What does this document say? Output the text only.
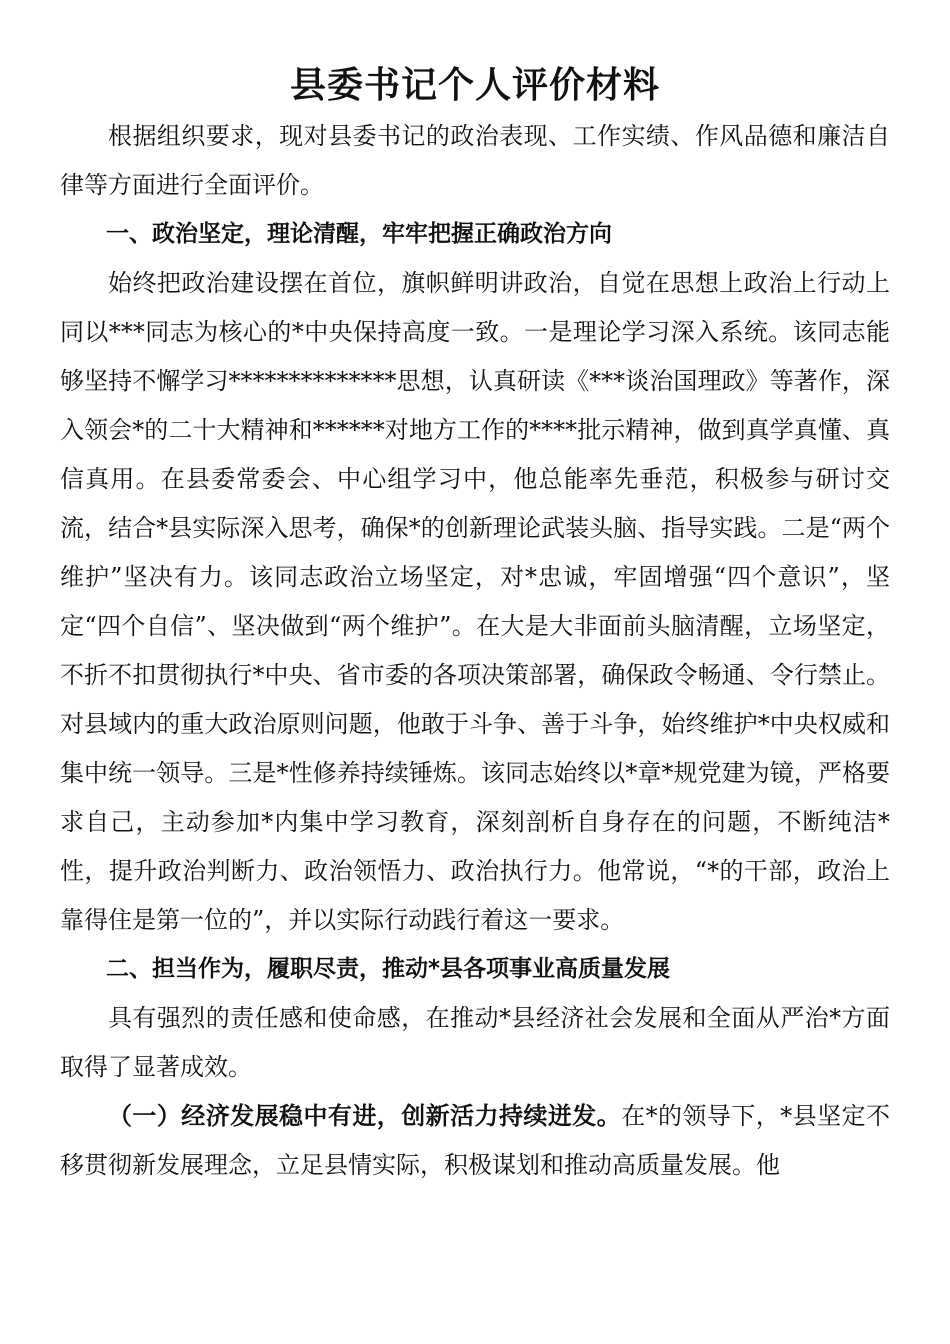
县委书记个人评价材料

根据组织要求，现对县委书记的政治表现、工作实绩、作风品德和廉洁自律等方面进行全面评价。

一、政治坚定，理论清醒，牢牢把握正确政治方向

始终把政治建设摆在首位，旗帜鲜明讲政治，自觉在思想上政治上行动上同以***同志为核心的*中央保持高度一致。一是理论学习深入系统。该同志能够坚持不懈学习**************思想，认真研读《***谈治国理政》等著作，深入领会*的二十大精神和******对地方工作的****批示精神，做到真学真懂、真信真用。在县委常委会、中心组学习中，他总能率先垂范，积极参与研讨交流，结合*县实际深入思考，确保*的创新理论武装头脑、指导实践。二是“两个维护”坚决有力。该同志政治立场坚定，对*忠诚，牢固增强“四个意识”，坚定“四个自信”、坚决做到“两个维护”。在大是大非面前头脑清醒，立场坚定，不折不扣贯彻执行*中央、省市委的各项决策部署，确保政令畅通、令行禁止。对县域内的重大政治原则问题，他敢于斗争、善于斗争，始终维护*中央权威和集中统一领导。三是*性修养持续锤炼。该同志始终以*章*规党建为镜，严格要求自己，主动参加*内集中学习教育，深刻剖析自身存在的问题，不断纯洁*性，提升政治判断力、政治领悟力、政治执行力。他常说，“*的干部，政治上靠得住是第一位的”，并以实际行动践行着这一要求。

二、担当作为，履职尽责，推动*县各项事业高质量发展

具有强烈的责任感和使命感，在推动*县经济社会发展和全面从严治*方面取得了显著成效。

（一）经济发展稳中有进，创新活力持续迸发。在*的领导下，*县坚定不移贯彻新发展理念，立足县情实际，积极谋划和推动高质量发展。他
